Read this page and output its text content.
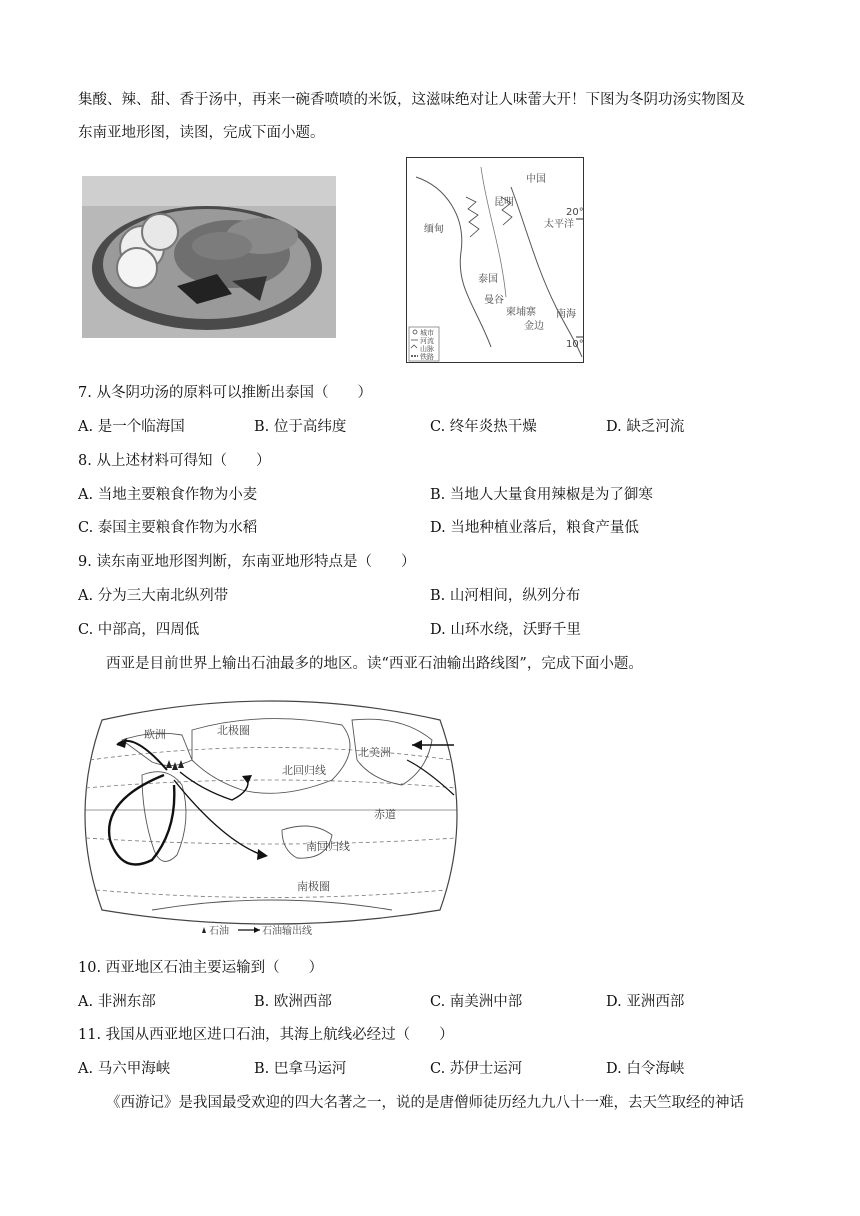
集酸、辣、甜、香于汤中，再来一碗香喷喷的米饭，这滋味绝对让人味蕾大开！下图为冬阴功汤实物图及
东南亚地形图，读图，完成下面小题。
中国
昆明
太平洋
缅甸
泰国
柬埔寨 南海
曼谷
金边
20°
10°
城市
河流
山脉
铁路
7. 从冬阴功汤的原料可以推断出泰国（　　）
A. 是一个临海国	B. 位于高纬度	C. 终年炎热干燥	D. 缺乏河流
8. 从上述材料可得知（　　）
A. 当地主要粮食作物为小麦	B. 当地人大量食用辣椒是为了御寒
C. 泰国主要粮食作物为水稻	D. 当地种植业落后，粮食产量低
9. 读东南亚地形图判断，东南亚地形特点是（　　）
A. 分为三大南北纵列带	B. 山河相间，纵列分布
C. 中部高，四周低	D. 山环水绕，沃野千里
西亚是目前世界上输出石油最多的地区。读“西亚石油输出路线图”，完成下面小题。
欧洲	北极圈
北美洲
北回归线
赤道
南回归线
南极圈
石油	石油输出线
10. 西亚地区石油主要运输到（　　）
A. 非洲东部	B. 欧洲西部	C. 南美洲中部	D. 亚洲西部
11. 我国从西亚地区进口石油，其海上航线必经过（　　）
A. 马六甲海峡	B. 巴拿马运河	C. 苏伊士运河	D. 白令海峡
《西游记》是我国最受欢迎的四大名著之一，说的是唐僧师徒历经九九八十一难，去天竺取经的神话
